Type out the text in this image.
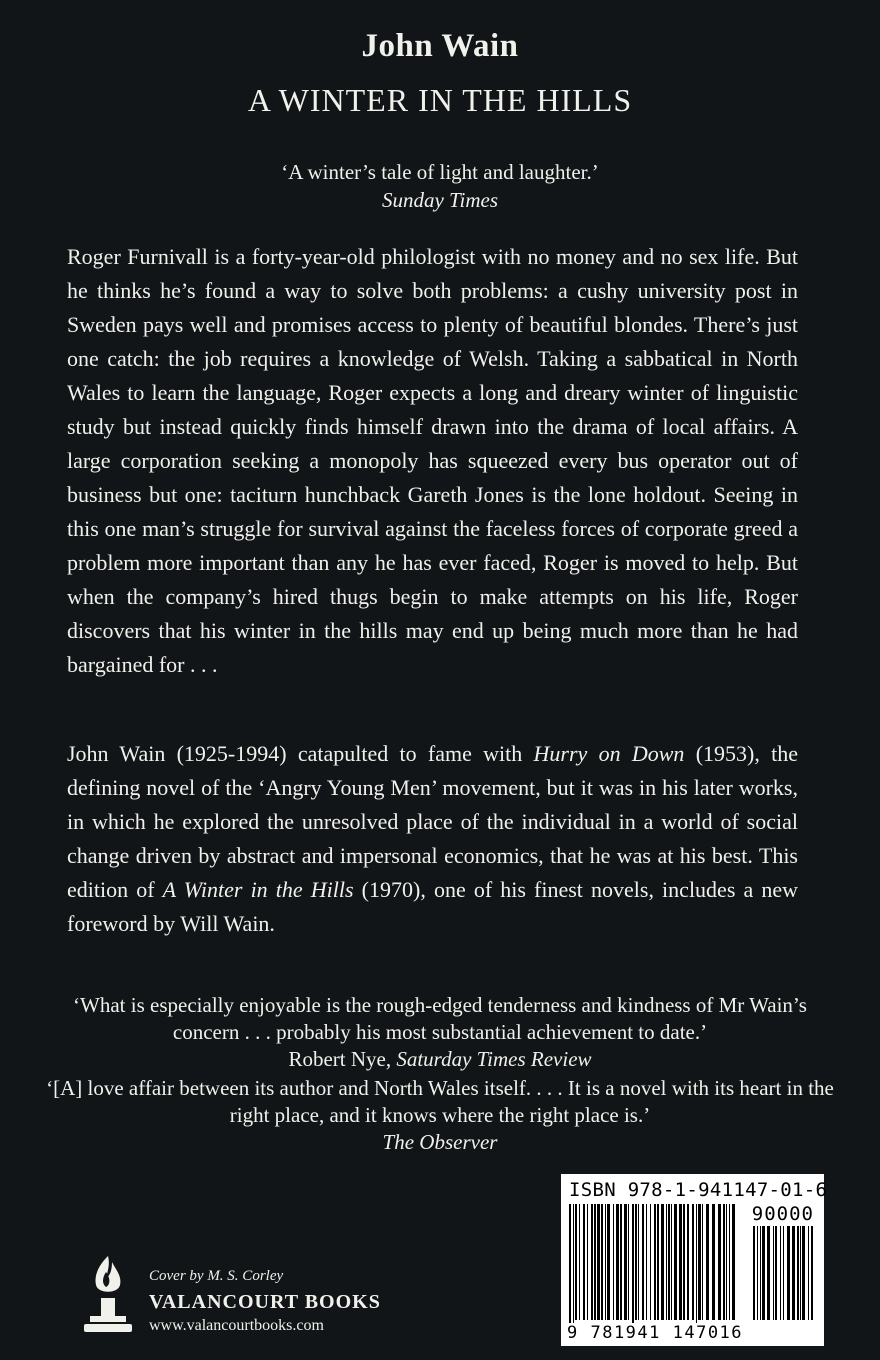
John Wain
A WINTER IN THE HILLS
‘A winter’s tale of light and laughter.’
Sunday Times
Roger Furnivall is a forty-year-old philologist with no money and no sex life. But he thinks he’s found a way to solve both problems: a cushy university post in Sweden pays well and promises access to plenty of beautiful blondes. There’s just one catch: the job requires a knowledge of Welsh. Taking a sabbatical in North Wales to learn the language, Roger expects a long and dreary winter of linguistic study but instead quickly finds himself drawn into the drama of local affairs. A large corporation seeking a monopoly has squeezed every bus operator out of business but one: taciturn hunchback Gareth Jones is the lone holdout. Seeing in this one man’s struggle for survival against the faceless forces of corporate greed a problem more important than any he has ever faced, Roger is moved to help. But when the company’s hired thugs begin to make attempts on his life, Roger discovers that his winter in the hills may end up being much more than he had bargained for . . .
John Wain (1925-1994) catapulted to fame with Hurry on Down (1953), the defining novel of the ‘Angry Young Men’ movement, but it was in his later works, in which he explored the unresolved place of the individual in a world of social change driven by abstract and impersonal economics, that he was at his best. This edition of A Winter in the Hills (1970), one of his finest novels, includes a new foreword by Will Wain.
‘What is especially enjoyable is the rough-edged tenderness and kindness of Mr Wain’s concern . . . probably his most substantial achievement to date.’
Robert Nye, Saturday Times Review
‘[A] love affair between its author and North Wales itself. . . . It is a novel with its heart in the right place, and it knows where the right place is.’
The Observer
ISBN 978-1-941147-01-6
90000
9 781941 147016
Cover by M. S. Corley
VALANCOURT BOOKS
www.valancourtbooks.com
